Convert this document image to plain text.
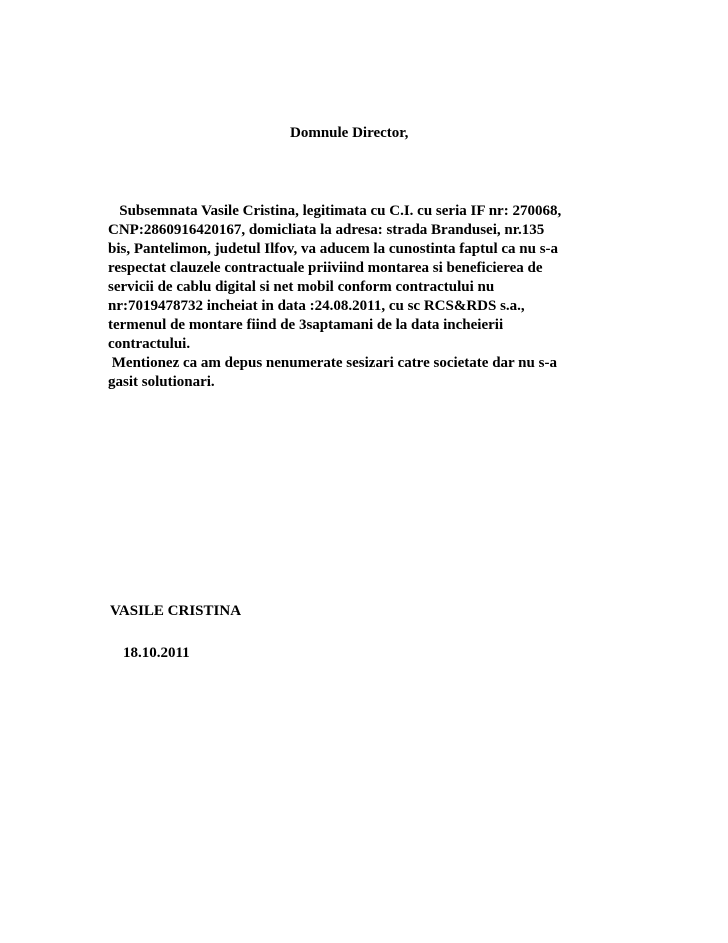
Domnule Director,
Subsemnata Vasile Cristina, legitimata cu C.I. cu seria IF nr: 270068,
CNP:2860916420167, domicliata la adresa: strada Brandusei, nr.135
bis, Pantelimon, judetul Ilfov, va aducem la cunostinta faptul ca nu s-a
respectat clauzele contractuale priiviind montarea si beneficierea de
servicii de cablu digital si net mobil conform contractului nu
nr:7019478732 incheiat in data :24.08.2011, cu sc RCS&RDS s.a.,
termenul de montare fiind de 3saptamani de la data incheierii
contractului.
Mentionez ca am depus nenumerate sesizari catre societate dar nu s-a
gasit solutionari.
VASILE CRISTINA
18.10.2011
